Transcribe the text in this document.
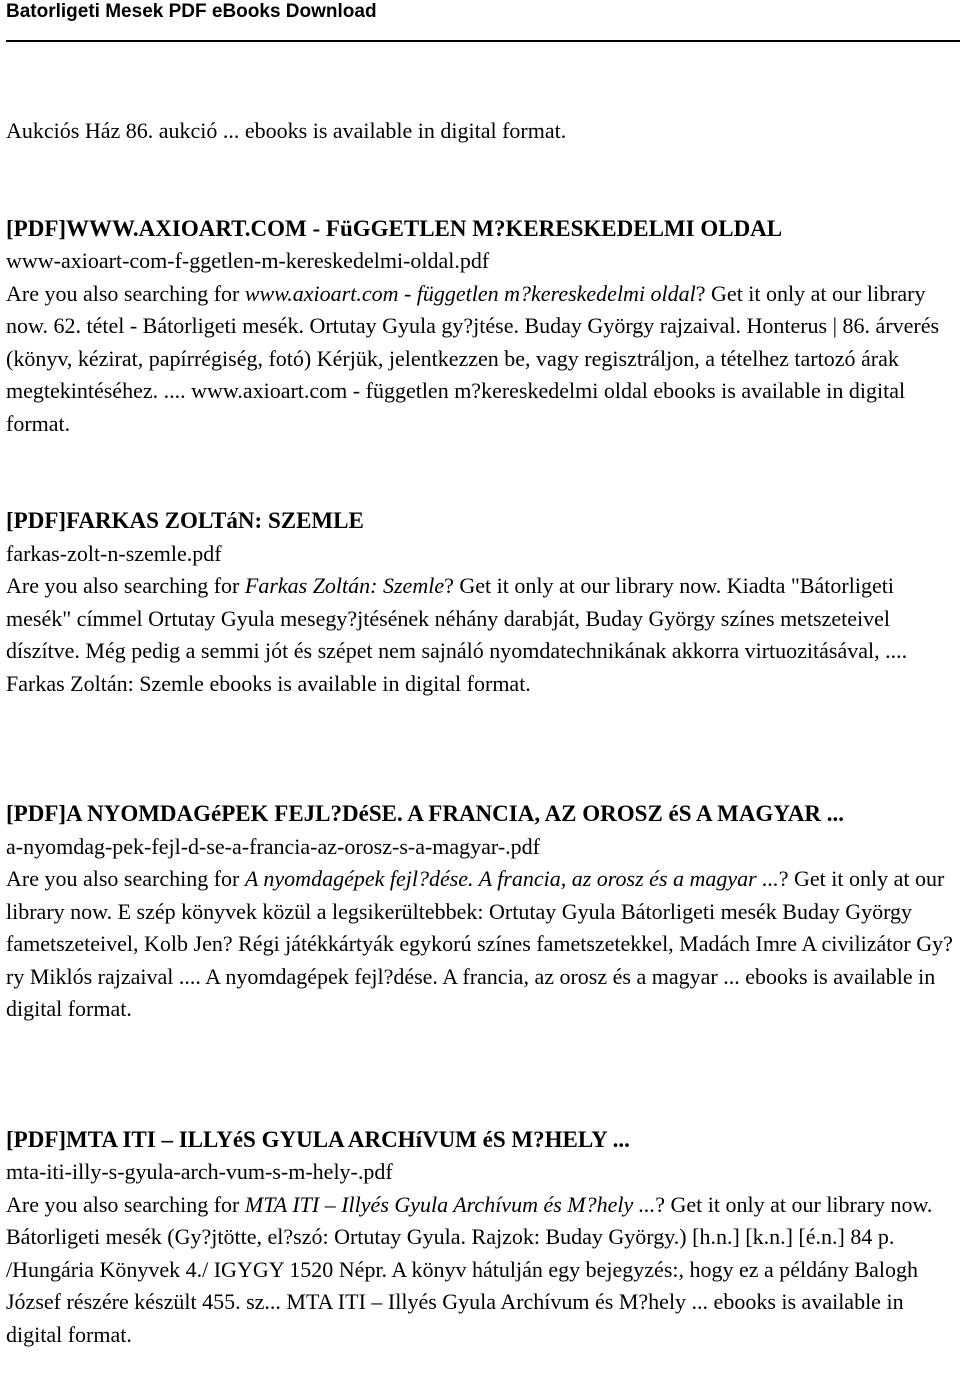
Batorligeti Mesek PDF eBooks Download

Aukciós Ház 86. aukció ... ebooks is available in digital format.

[PDF]WWW.AXIOART.COM - FüGGETLEN M?KERESKEDELMI OLDAL

www-axioart-com-f-ggetlen-m-kereskedelmi-oldal.pdf

Are you also searching for www.axioart.com - független m?kereskedelmi oldal? Get it only at our library now. 62. tétel - Bátorligeti mesék. Ortutay Gyula gy?jtése. Buday György rajzaival. Honterus | 86. árverés (könyv, kézirat, papírrégiség, fotó) Kérjük, jelentkezzen be, vagy regisztráljon, a tételhez tartozó árak megtekintéséhez. .... www.axioart.com - független m?kereskedelmi oldal ebooks is available in digital format.

[PDF]FARKAS ZOLTáN: SZEMLE

farkas-zolt-n-szemle.pdf

Are you also searching for Farkas Zoltán: Szemle? Get it only at our library now. Kiadta "Bátorligeti mesék" címmel Ortutay Gyula mesegy?jtésének néhány darabját, Buday György színes metszeteivel díszítve. Még pedig a semmi jót és szépet nem sajnáló nyomdatechnikának akkorra virtuozitásával, .... Farkas Zoltán: Szemle ebooks is available in digital format.

[PDF]A NYOMDAGéPEK FEJL?DéSE. A FRANCIA, AZ OROSZ éS A MAGYAR ...

a-nyomdag-pek-fejl-d-se-a-francia-az-orosz-s-a-magyar-.pdf

Are you also searching for A nyomdagépek fejl?dése. A francia, az orosz és a magyar ...? Get it only at our library now. E szép könyvek közül a legsikerültebbek: Ortutay Gyula Bátorligeti mesék Buday György fametszeteivel, Kolb Jen? Régi játékkártyák egykorú színes fametszetekkel, Madách Imre A civilizátor Gy?ry Miklós rajzaival .... A nyomdagépek fejl?dése. A francia, az orosz és a magyar ... ebooks is available in digital format.

[PDF]MTA ITI – ILLYéS GYULA ARCHíVUM éS M?HELY ...

mta-iti-illy-s-gyula-arch-vum-s-m-hely-.pdf

Are you also searching for MTA ITI – Illyés Gyula Archívum és M?hely ...? Get it only at our library now. Bátorligeti mesék (Gy?jtötte, el?szó: Ortutay Gyula. Rajzok: Buday György.) [h.n.] [k.n.] [é.n.] 84 p. /Hungária Könyvek 4./ IGYGY 1520 Népr. A könyv hátulján egy bejegyzés:, hogy ez a példány Balogh József részére készült 455. sz... MTA ITI – Illyés Gyula Archívum és M?hely ... ebooks is available in digital format.
